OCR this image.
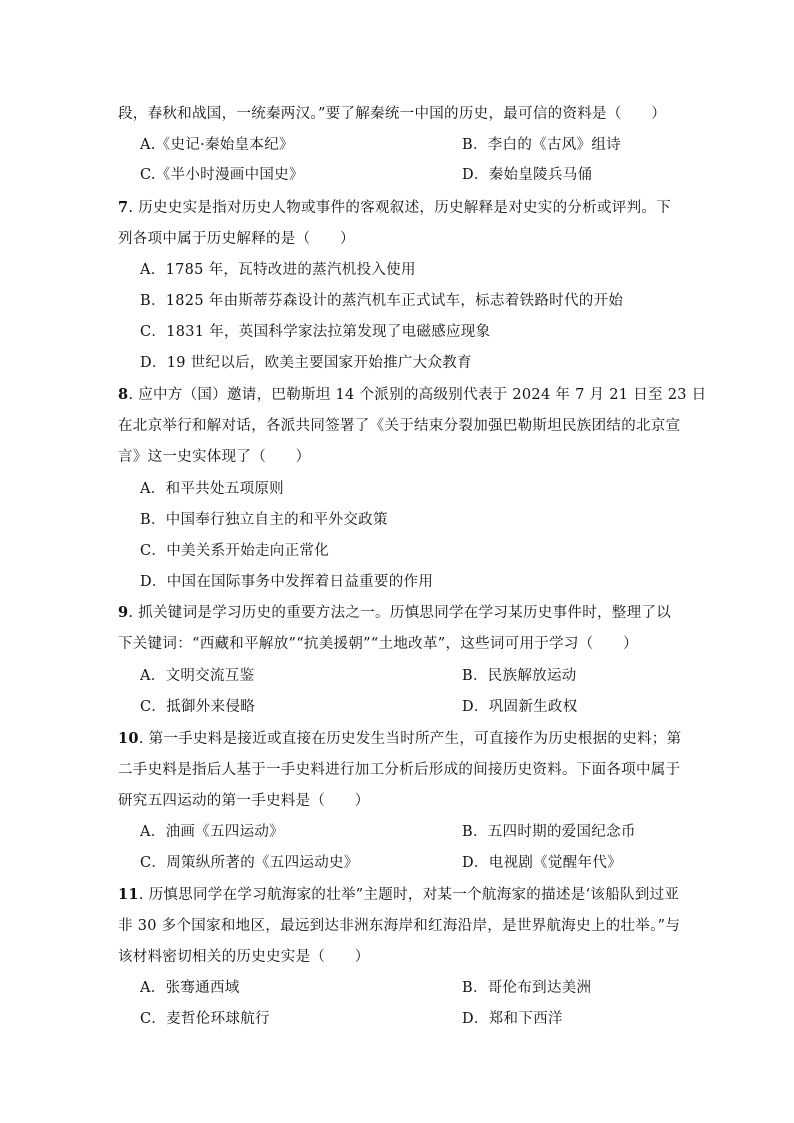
段，春秋和战国，一统秦两汉。”要了解秦统一中国的历史，最可信的资料是（　　）
A.《史记·秦始皇本纪》	B．李白的《古风》组诗
C.《半小时漫画中国史》	D．秦始皇陵兵马俑
7. 历史史实是指对历史人物或事件的客观叙述，历史解释是对史实的分析或评判。下
列各项中属于历史解释的是（　　）
A．1785 年，瓦特改进的蒸汽机投入使用
B．1825 年由斯蒂芬森设计的蒸汽机车正式试车，标志着铁路时代的开始
C．1831 年，英国科学家法拉第发现了电磁感应现象
D．19 世纪以后，欧美主要国家开始推广大众教育
8. 应中方（国）邀请，巴勒斯坦 14 个派别的高级别代表于 2024 年 7 月 21 日至 23 日
在北京举行和解对话，各派共同签署了《关于结束分裂加强巴勒斯坦民族团结的北京宣
言》这一史实体现了（　　）
A．和平共处五项原则
B．中国奉行独立自主的和平外交政策
C．中美关系开始走向正常化
D．中国在国际事务中发挥着日益重要的作用
9. 抓关键词是学习历史的重要方法之一。历慎思同学在学习某历史事件时，整理了以
下关键词：“西藏和平解放”“抗美援朝”“土地改革”，这些词可用于学习（　　）
A．文明交流互鉴	B．民族解放运动
C．抵御外来侵略	D．巩固新生政权
10. 第一手史料是接近或直接在历史发生当时所产生，可直接作为历史根据的史料；第
二手史料是指后人基于一手史料进行加工分析后形成的间接历史资料。下面各项中属于
研究五四运动的第一手史料是（　　）
A．油画《五四运动》	B．五四时期的爱国纪念币
C．周策纵所著的《五四运动史》	D．电视剧《觉醒年代》
11. 历慎思同学在学习航海家的壮举”主题时，对某一个航海家的描述是‘该船队到过亚
非 30 多个国家和地区，最远到达非洲东海岸和红海沿岸，是世界航海史上的壮举。”与
该材料密切相关的历史史实是（　　）
A．张骞通西域	B．哥伦布到达美洲
C．麦哲伦环球航行	D．郑和下西洋
